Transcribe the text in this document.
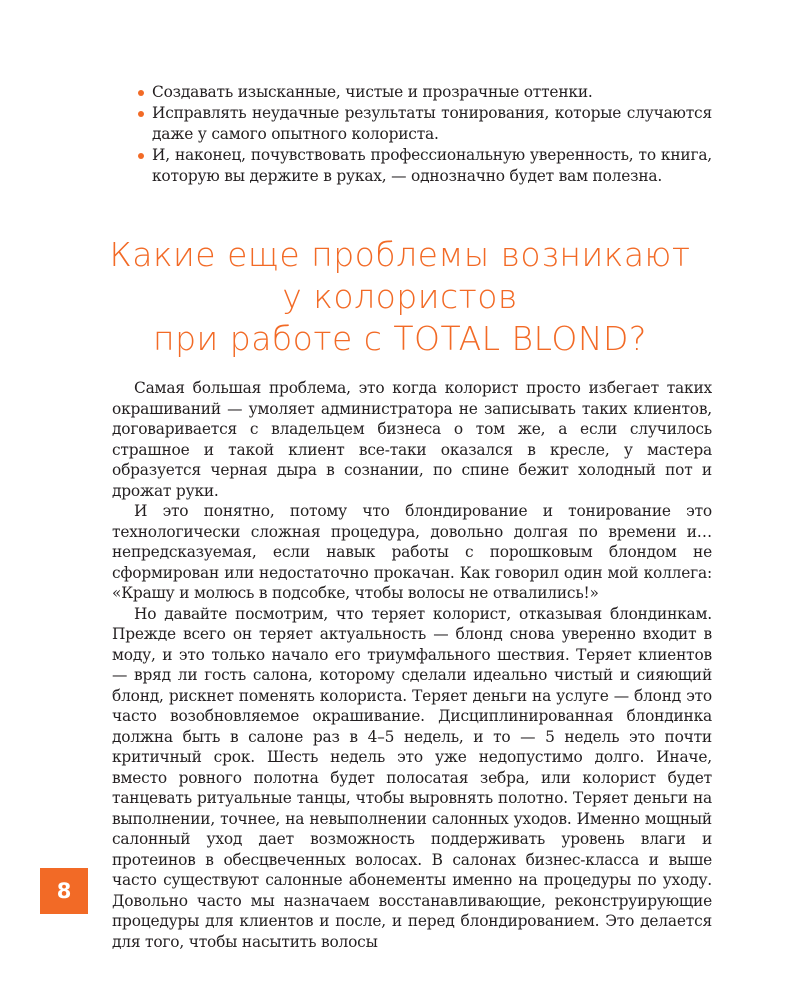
Создавать изысканные, чистые и прозрачные оттенки.
Исправлять неудачные результаты тонирования, которые случаются даже у самого опытного колориста.
И, наконец, почувствовать профессиональную уверенность, то книга, которую вы держите в руках, — однозначно будет вам полезна.
Какие еще проблемы возникают
у колористов
при работе с TOTAL BLOND?

Самая большая проблема, это когда колорист просто избегает таких окрашиваний — умоляет администратора не записывать таких клиентов, договаривается с владельцем бизнеса о том же, а если случилось страшное и такой клиент все-таки оказался в кресле, у мастера образуется черная дыра в сознании, по спине бежит холодный пот и дрожат руки.

И это понятно, потому что блондирование и тонирование это технологически сложная процедура, довольно долгая по времени и… непредсказуемая, если навык работы с порошковым блондом не сформирован или недостаточно прокачан. Как говорил один мой коллега: «Крашу и молюсь в подсобке, чтобы волосы не отвалились!»

Но давайте посмотрим, что теряет колорист, отказывая блондинкам. Прежде всего он теряет актуальность — блонд снова уверенно входит в моду, и это только начало его триумфального шествия. Теряет клиентов — вряд ли гость салона, которому сделали идеально чистый и сияющий блонд, рискнет поменять колориста. Теряет деньги на услуге — блонд это часто возобновляемое окрашивание. Дисциплинированная блондинка должна быть в салоне раз в 4–5 недель, и то — 5 недель это почти критичный срок. Шесть недель это уже недопустимо долго. Иначе, вместо ровного полотна будет полосатая зебра, или колорист будет танцевать ритуальные танцы, чтобы выровнять полотно. Теряет деньги на выполнении, точнее, на невыполнении салонных уходов. Именно мощный салонный уход дает возможность поддерживать уровень влаги и протеинов в обесцвеченных волосах. В салонах бизнес-класса и выше часто существуют салонные абонементы именно на процедуры по уходу. Довольно часто мы назначаем восстанавливающие, реконструирующие процедуры для клиентов и после, и перед блондированием. Это делается для того, чтобы насытить волосы

8
